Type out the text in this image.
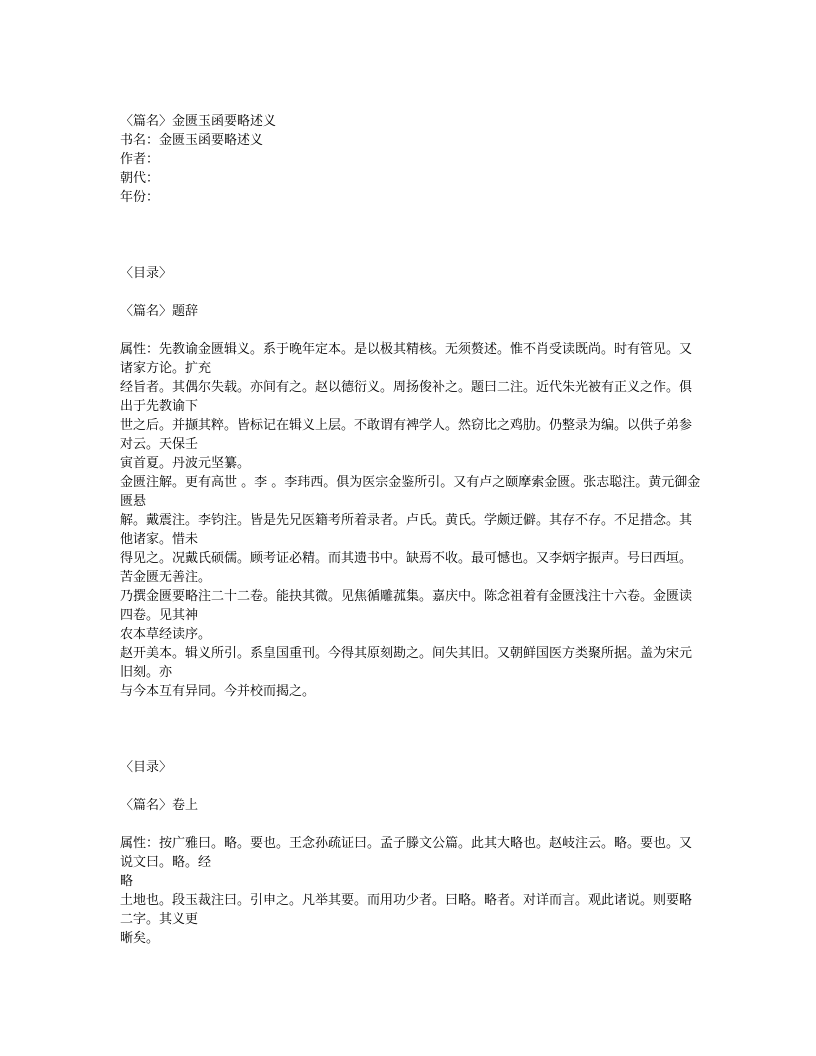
〈篇名〉金匮玉函要略述义
书名：金匮玉函要略述义
作者：
朝代：
年份：
〈目录〉
〈篇名〉题辞
属性：先教谕金匮辑义。系于晚年定本。是以极其精核。无须赘述。惟不肖受读既尚。时有管见。又诸家方论。扩充
经旨者。其偶尔失载。亦间有之。赵以德衍义。周扬俊补之。题曰二注。近代朱光被有正义之作。俱出于先教谕下
世之后。并撷其粹。皆标记在辑义上层。不敢谓有裨学人。然窃比之鸡肋。仍整录为编。以供子弟参对云。天保壬
寅首夏。丹波元坚纂。
金匮注解。更有高世 。李 。李玮西。俱为医宗金鉴所引。又有卢之颐摩索金匮。张志聪注。黄元御金匮悬
解。戴震注。李钧注。皆是先兄医籍考所着录者。卢氏。黄氏。学颇迂僻。其存不存。不足措念。其他诸家。惜未
得见之。况戴氏硕儒。顾考证必精。而其遗书中。缺焉不收。最可憾也。又李炳字振声。号曰西垣。苦金匮无善注。
乃撰金匮要略注二十二卷。能抉其微。见焦循雕菰集。嘉庆中。陈念祖着有金匮浅注十六卷。金匮读四卷。见其神
农本草经读序。
赵开美本。辑义所引。系皇国重刊。今得其原刻勘之。间失其旧。又朝鲜国医方类聚所据。盖为宋元旧刻。亦
与今本互有异同。今并校而揭之。
〈目录〉
〈篇名〉卷上
属性：按广雅曰。略。要也。王念孙疏证曰。孟子滕文公篇。此其大略也。赵岐注云。略。要也。又说文曰。略。经
略
土地也。段玉裁注曰。引申之。凡举其要。而用功少者。曰略。略者。对详而言。观此诸说。则要略二字。其义更
晰矣。
